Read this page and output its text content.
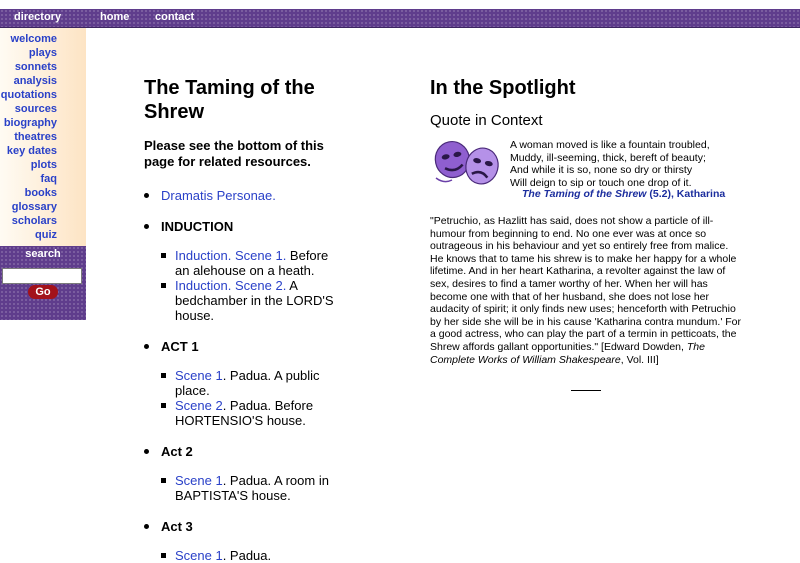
directory	home contact
welcome
plays
sonnets
analysis
quotations
sources
biography
theatres
key dates
plots
faq
books
glossary
scholars
quiz
search
Go
The Taming of the Shrew
Please see the bottom of this page for related resources.
Dramatis Personae.
INDUCTION
Induction. Scene 1. Before an alehouse on a heath.
Induction. Scene 2. A bedchamber in the LORD'S house.
ACT 1
Scene 1. Padua. A public place.
Scene 2. Padua. Before HORTENSIO'S house.
Act 2
Scene 1. Padua. A room in BAPTISTA'S house.
Act 3
Scene 1. Padua.
In the Spotlight
Quote in Context
A woman moved is like a fountain troubled,
Muddy, ill-seeming, thick, bereft of beauty;
And while it is so, none so dry or thirsty
Will deign to sip or touch one drop of it.
The Taming of the Shrew (5.2), Katharina
"Petruchio, as Hazlitt has said, does not show a particle of ill-humour from beginning to end. No one ever was at once so outrageous in his behaviour and yet so entirely free from malice. He knows that to tame his shrew is to make her happy for a whole lifetime. And in her heart Katharina, a revolter against the law of sex, desires to find a tamer worthy of her. When her will has become one with that of her husband, she does not lose her audacity of spirit; it only finds new uses; henceforth with Petruchio by her side she will be in his cause 'Katharina contra mundum.' For a good actress, who can play the part of a termin in petticoats, the Shrew affords gallant opportunities." [Edward Dowden, The Complete Works of William Shakespeare, Vol. III]
